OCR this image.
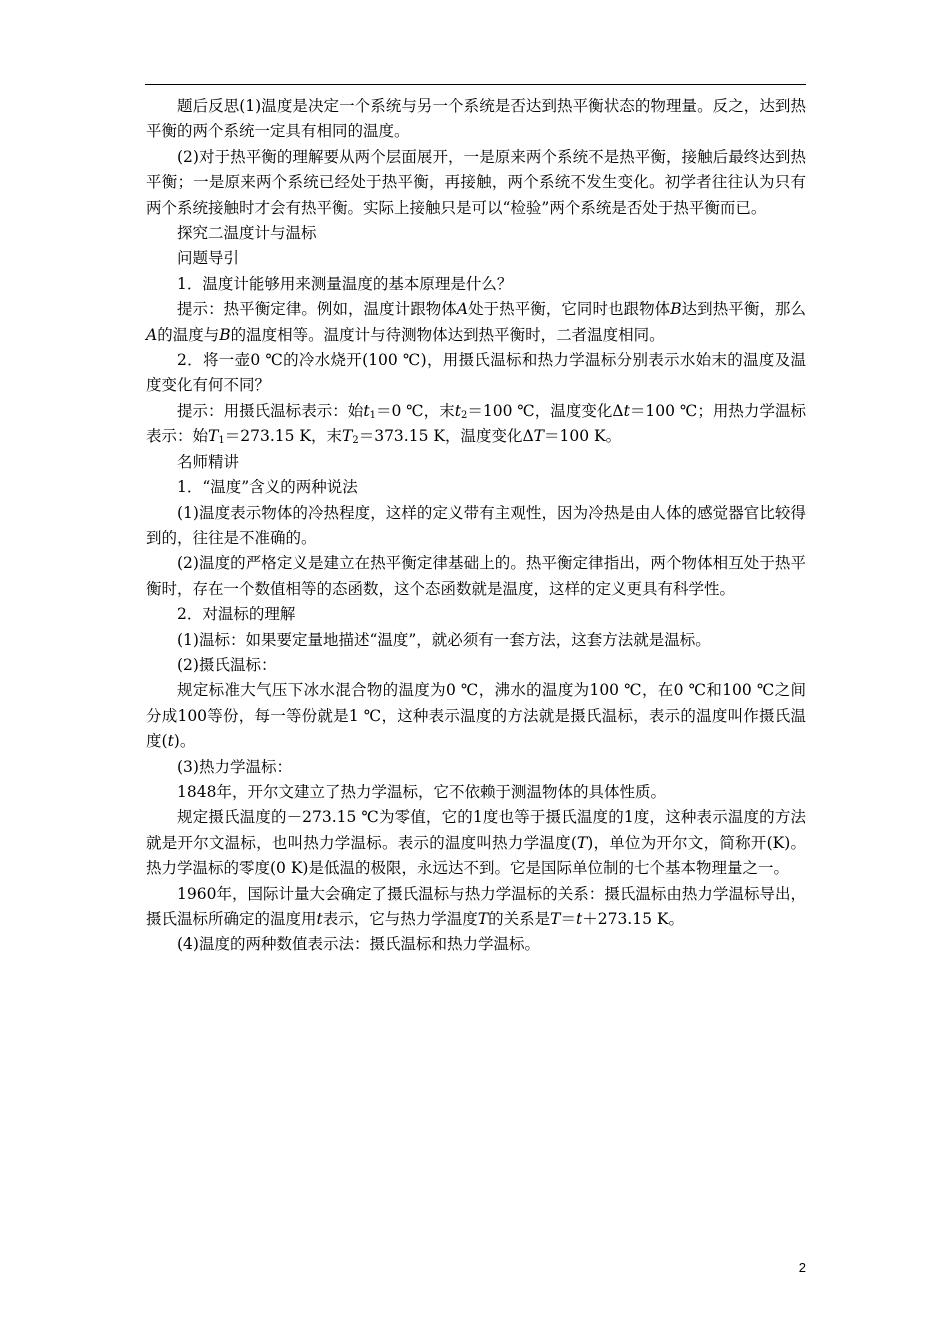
题后反思(1)温度是决定一个系统与另一个系统是否达到热平衡状态的物理量。反之，达到热平衡的两个系统一定具有相同的温度。

(2)对于热平衡的理解要从两个层面展开，一是原来两个系统不是热平衡，接触后最终达到热平衡；一是原来两个系统已经处于热平衡，再接触，两个系统不发生变化。初学者往往认为只有两个系统接触时才会有热平衡。实际上接触只是可以“检验”两个系统是否处于热平衡而已。

探究二温度计与温标

问题导引

1．温度计能够用来测量温度的基本原理是什么？

提示：热平衡定律。例如，温度计跟物体A处于热平衡，它同时也跟物体B达到热平衡，那么A的温度与B的温度相等。温度计与待测物体达到热平衡时，二者温度相同。

2．将一壶0 ℃的冷水烧开(100 ℃)，用摄氏温标和热力学温标分别表示水始末的温度及温度变化有何不同？

提示：用摄氏温标表示：始$t_1=0$ ℃，末$t_2=100$ ℃，温度变化Δt＝100 ℃；用热力学温标表示：始$T_1=273.15$ K，末$T_2=373.15$ K，温度变化ΔT＝100 K。

名师精讲

1．“温度”含义的两种说法

(1)温度表示物体的冷热程度，这样的定义带有主观性，因为冷热是由人体的感觉器官比较得到的，往往是不准确的。

(2)温度的严格定义是建立在热平衡定律基础上的。热平衡定律指出，两个物体相互处于热平衡时，存在一个数值相等的态函数，这个态函数就是温度，这样的定义更具有科学性。

2．对温标的理解

(1)温标：如果要定量地描述“温度”，就必须有一套方法，这套方法就是温标。

(2)摄氏温标：

规定标准大气压下冰水混合物的温度为0 ℃，沸水的温度为100 ℃，在0 ℃和100 ℃之间分成100等份，每一等份就是1 ℃，这种表示温度的方法就是摄氏温标，表示的温度叫作摄氏温度(t)。

(3)热力学温标：

1848年，开尔文建立了热力学温标，它不依赖于测温物体的具体性质。

规定摄氏温度的－273.15 ℃为零值，它的1度也等于摄氏温度的1度，这种表示温度的方法就是开尔文温标，也叫热力学温标。表示的温度叫热力学温度(T)，单位为开尔文，简称开(K)。热力学温标的零度(0 K)是低温的极限，永远达不到。它是国际单位制的七个基本物理量之一。

1960年，国际计量大会确定了摄氏温标与热力学温标的关系：摄氏温标由热力学温标导出，摄氏温标所确定的温度用t表示，它与热力学温度T的关系是T＝t＋273.15 K。

(4)温度的两种数值表示法：摄氏温标和热力学温标。

2
